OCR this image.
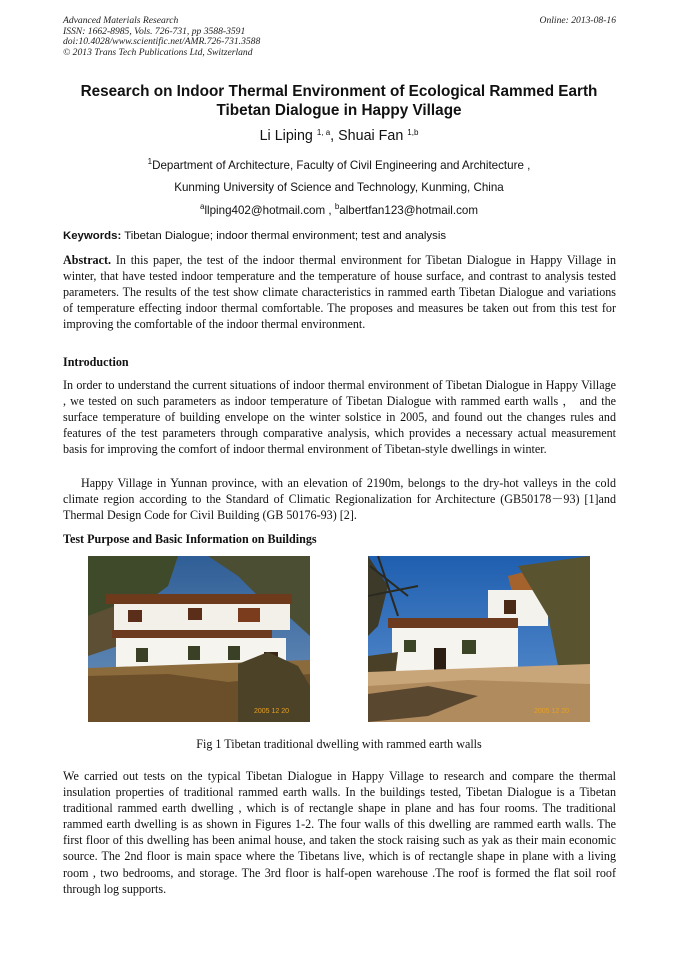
Advanced Materials Research
ISSN: 1662-8985, Vols. 726-731, pp 3588-3591
doi:10.4028/www.scientific.net/AMR.726-731.3588
© 2013 Trans Tech Publications Ltd, Switzerland
Online: 2013-08-16
Research on Indoor Thermal Environment of Ecological Rammed Earth
Tibetan Dialogue in Happy Village
Li Liping $^{1, a}$, Shuai Fan $^{1,b}$
$^1$Department of Architecture, Faculty of Civil Engineering and Architecture ,
Kunming University of Science and Technology, Kunming, China
$^a$llping402@hotmail.com , $^b$albertfan123@hotmail.com
Keywords: Tibetan Dialogue; indoor thermal environment; test and analysis
Abstract. In this paper, the test of the indoor thermal environment for Tibetan Dialogue in Happy Village in winter, that have tested indoor temperature and the temperature of house surface, and contrast to analysis tested parameters. The results of the test show climate characteristics in rammed earth Tibetan Dialogue and variations of temperature effecting indoor thermal comfortable. The proposes and measures be taken out from this test for improving the comfortable of the indoor thermal environment.
Introduction
In order to understand the current situations of indoor thermal environment of Tibetan Dialogue in Happy Village , we tested on such parameters as indoor temperature of Tibetan Dialogue with rammed earth walls ， and the surface temperature of building envelope on the winter solstice in 2005, and found out the changes rules and features of the test parameters through comparative analysis, which provides a necessary actual measurement basis for improving the comfort of indoor thermal environment of Tibetan-style dwellings in winter.
Happy Village in Yunnan province, with an elevation of 2190m, belongs to the dry-hot valleys in the cold climate region according to the Standard of Climatic Regionalization for Architecture (GB50178－93) [1]and Thermal Design Code for Civil Building (GB 50176-93) [2].
Test Purpose and Basic Information on Buildings
2005 12 20	2005 12 20
Fig 1 Tibetan traditional dwelling with rammed earth walls
We carried out tests on the typical Tibetan Dialogue in Happy Village to research and compare the thermal insulation properties of traditional rammed earth walls. In the buildings tested, Tibetan Dialogue is a Tibetan traditional rammed earth dwelling , which is of rectangle shape in plane and has four rooms. The traditional rammed earth dwelling is as shown in Figures 1-2. The four walls of this dwelling are rammed earth walls. The first floor of this dwelling has been animal house, and taken the stock raising such as yak as their main economic source. The 2nd floor is main space where the Tibetans live, which is of rectangle shape in plane with a living room , two bedrooms, and storage. The 3rd floor is half-open warehouse .The roof is formed the flat soil roof through log supports.
